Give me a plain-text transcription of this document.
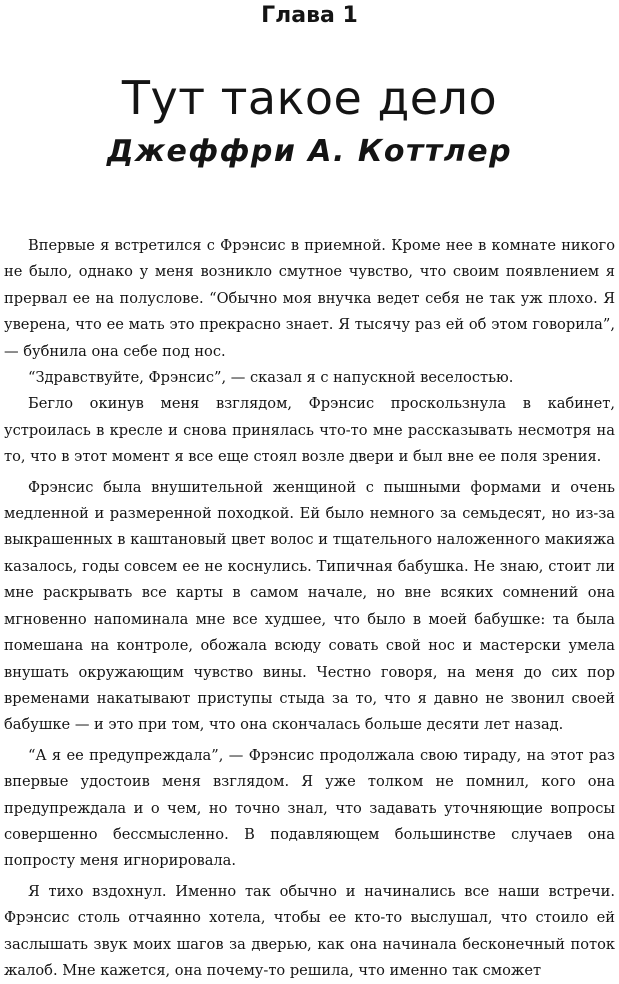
Глава 1
Тут такое дело
Джеффри А. Коттлер

Впервые я встретился с Фрэнсис в приемной. Кроме нее в комнате никого не было, однако у меня возникло смутное чувство, что своим появлением я прервал ее на полуслове. “Обычно моя внучка ведет себя не так уж плохо. Я уверена, что ее мать это прекрасно знает. Я тысячу раз ей об этом говорила”, — бубнила она себе под нос.

“Здравствуйте, Фрэнсис”, — сказал я с напускной веселостью.

Бегло окинув меня взглядом, Фрэнсис проскользнула в кабинет, устроилась в кресле и снова принялась что-то мне рассказывать несмотря на то, что в этот момент я все еще стоял возле двери и был вне ее поля зрения.

Фрэнсис была внушительной женщиной с пышными формами и очень медленной и размеренной походкой. Ей было немного за семьдесят, но из-за выкрашенных в каштановый цвет волос и тщательного наложенного макияжа казалось, годы совсем ее не коснулись. Типичная бабушка. Не знаю, стоит ли мне раскрывать все карты в самом начале, но вне всяких сомнений она мгновенно напоминала мне все худшее, что было в моей бабушке: та была помешана на контроле, обожала всюду совать свой нос и мастерски умела внушать окружающим чувство вины. Честно говоря, на меня до сих пор временами накатывают приступы стыда за то, что я давно не звонил своей бабушке — и это при том, что она скончалась больше десяти лет назад.

“А я ее предупреждала”, — Фрэнсис продолжала свою тираду, на этот раз впервые удостоив меня взглядом. Я уже толком не помнил, кого она предупреждала и о чем, но точно знал, что задавать уточняющие вопросы совершенно бессмысленно. В подавляющем большинстве случаев она попросту меня игнорировала.

Я тихо вздохнул. Именно так обычно и начинались все наши встречи. Фрэнсис столь отчаянно хотела, чтобы ее кто-то выслушал, что стоило ей заслышать звук моих шагов за дверью, как она начинала бесконечный поток жалоб. Мне кажется, она почему-то решила, что именно так сможет
